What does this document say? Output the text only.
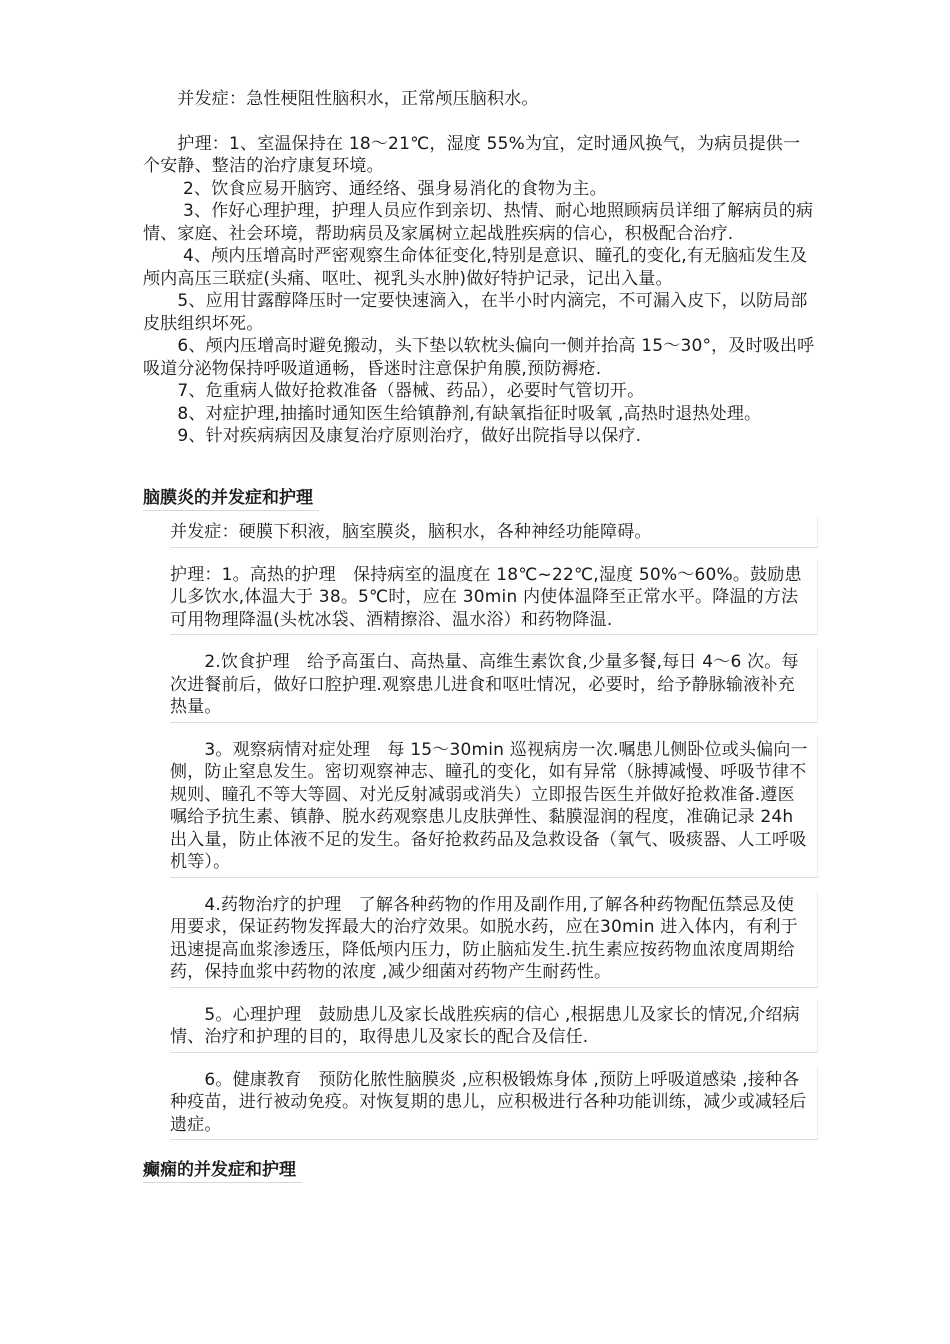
　　并发症：急性梗阻性脑积水，正常颅压脑积水。

　　护理：1、室温保持在 18～21℃，湿度 55%为宜，定时通风换气，为病员提供一个安静、整洁的治疗康复环境。

　　 2、饮食应易开脑窍、通经络、强身易消化的食物为主。

　　 3、作好心理护理，护理人员应作到亲切、热情、耐心地照顾病员详细了解病员的病情、家庭、社会环境，帮助病员及家属树立起战胜疾病的信心，积极配合治疗.

　　 4、颅内压增高时严密观察生命体征变化,特别是意识、瞳孔的变化,有无脑疝发生及颅内高压三联症(头痛、呕吐、视乳头水肿)做好特护记录，记出入量。

　　5、应用甘露醇降压时一定要快速滴入，在半小时内滴完，不可漏入皮下，以防局部皮肤组织坏死。

　　6、颅内压增高时避免搬动，头下垫以软枕头偏向一侧并抬高 15～30°，及时吸出呼吸道分泌物保持呼吸道通畅，昏迷时注意保护角膜,预防褥疮.

　　7、危重病人做好抢救准备（器械、药品），必要时气管切开。

　　8、对症护理,抽搐时通知医生给镇静剂,有缺氧指征时吸氧 ,高热时退热处理。

　　9、针对疾病病因及康复治疗原则治疗，做好出院指导以保疗.

脑膜炎的并发症和护理

并发症：硬膜下积液，脑室膜炎，脑积水，各种神经功能障碍。

护理：1。高热的护理　保持病室的温度在 18℃~22℃,湿度 50%～60%。鼓励患儿多饮水,体温大于 38。5℃时，应在 30min 内使体温降至正常水平。降温的方法可用物理降温(头枕冰袋、酒精擦浴、温水浴）和药物降温.

　　2.饮食护理　给予高蛋白、高热量、高维生素饮食,少量多餐,每日 4～6 次。每次进餐前后，做好口腔护理.观察患儿进食和呕吐情况，必要时，给予静脉输液补充热量。

　　3。观察病情对症处理　每 15～30min 巡视病房一次.嘱患儿侧卧位或头偏向一侧，防止窒息发生。密切观察神志、瞳孔的变化，如有异常（脉搏减慢、呼吸节律不规则、瞳孔不等大等圆、对光反射减弱或消失）立即报告医生并做好抢救准备.遵医嘱给予抗生素、镇静、脱水药观察患儿皮肤弹性、黏膜湿润的程度，准确记录 24h 出入量，防止体液不足的发生。备好抢救药品及急救设备（氧气、吸痰器、人工呼吸机等）。

　　4.药物治疗的护理　了解各种药物的作用及副作用,了解各种药物配伍禁忌及使用要求，保证药物发挥最大的治疗效果。如脱水药，应在30min 进入体内，有利于迅速提高血浆渗透压，降低颅内压力，防止脑疝发生.抗生素应按药物血浓度周期给药，保持血浆中药物的浓度 ,减少细菌对药物产生耐药性。

　　5。心理护理　鼓励患儿及家长战胜疾病的信心 ,根据患儿及家长的情况,介绍病情、治疗和护理的目的，取得患儿及家长的配合及信任.

　　6。健康教育　预防化脓性脑膜炎 ,应积极锻炼身体 ,预防上呼吸道感染 ,接种各种疫苗，进行被动免疫。对恢复期的患儿，应积极进行各种功能训练，减少或减轻后遗症。

癫痫的并发症和护理
